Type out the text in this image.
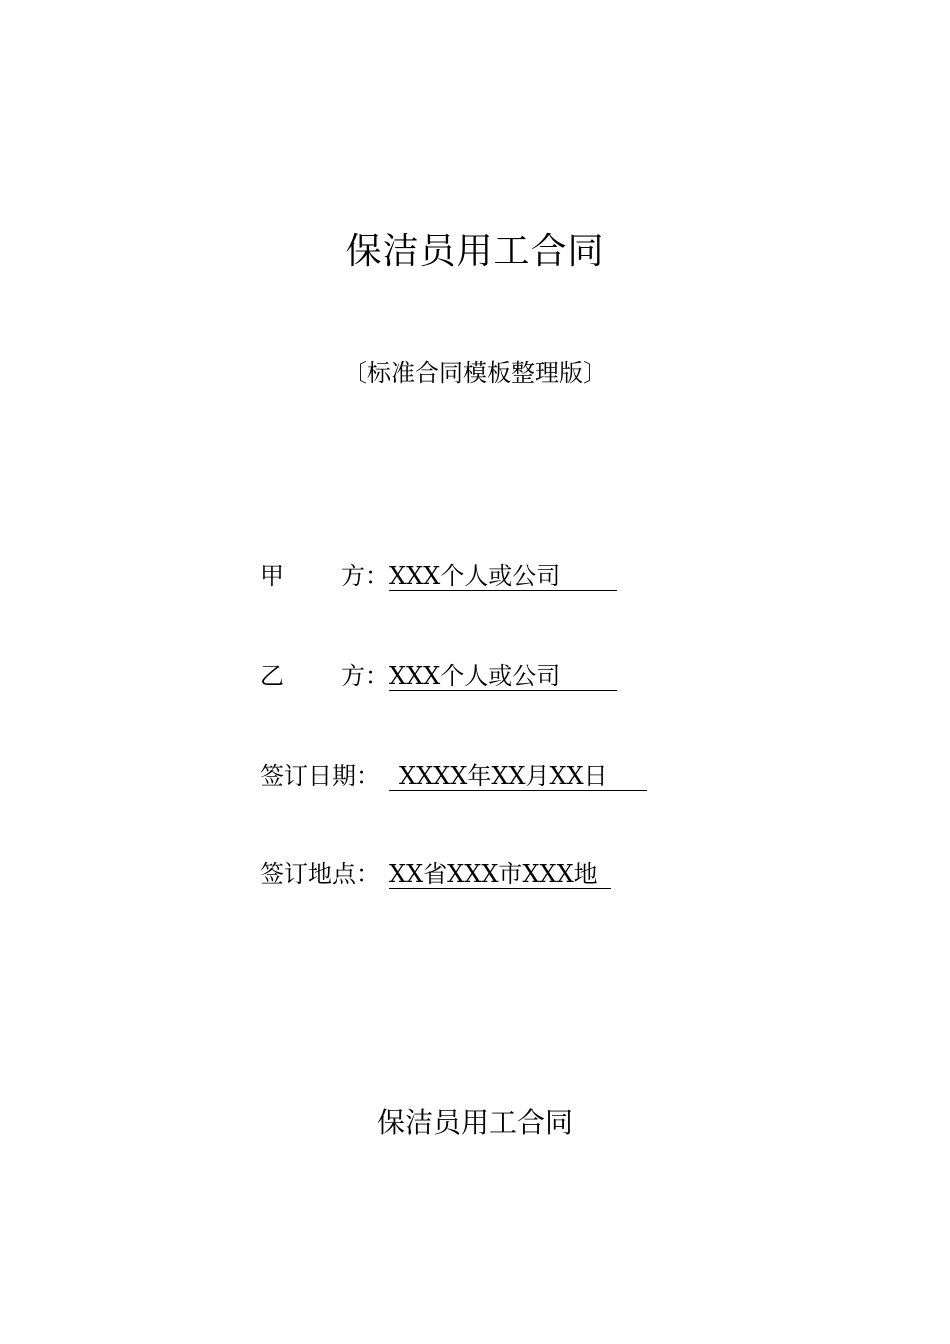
保洁员用工合同
〔标准合同模板整理版〕
甲 方： XXX个人或公司
乙 方： XXX个人或公司
签订日期： XXXX年XX月XX日
签订地点： XX省XXX市XXX地
保洁员用工合同
